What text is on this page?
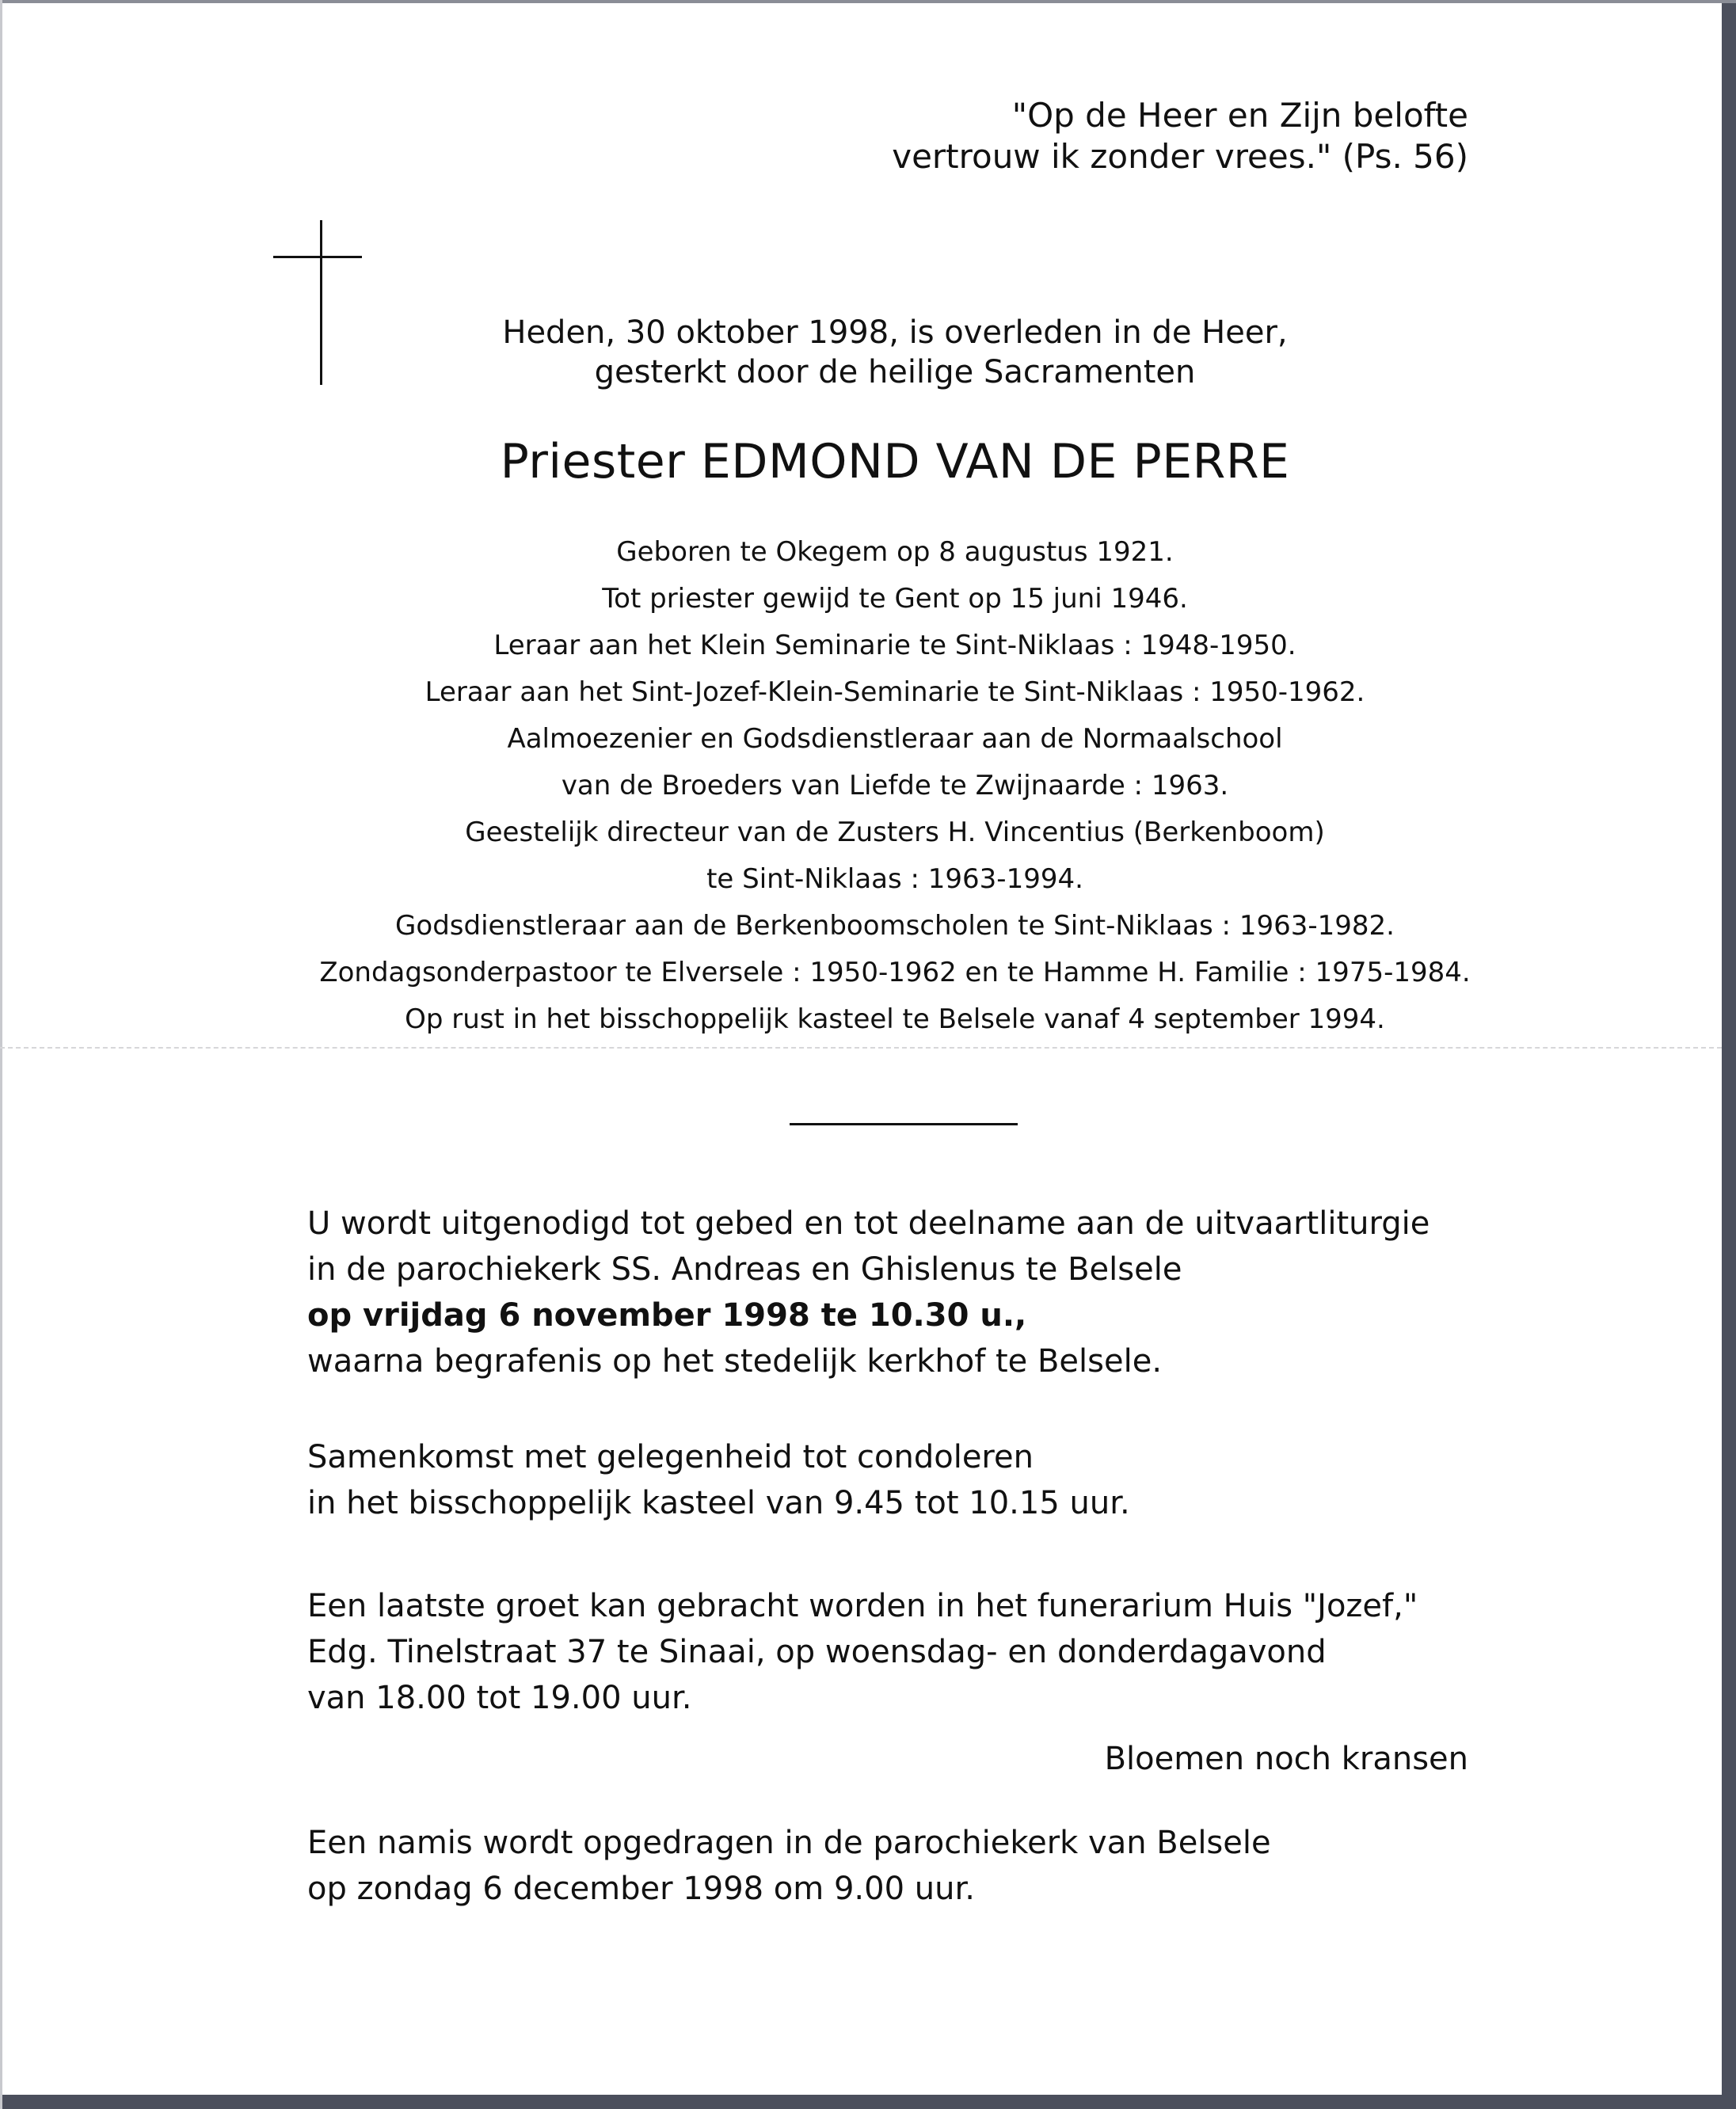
"Op de Heer en Zijn belofte
vertrouw ik zonder vrees." (Ps. 56)

Heden, 30 oktober 1998, is overleden in de Heer,
gesterkt door de heilige Sacramenten

Priester EDMOND VAN DE PERRE
Geboren te Okegem op 8 augustus 1921.
Tot priester gewijd te Gent op 15 juni 1946.
Leraar aan het Klein Seminarie te Sint-Niklaas : 1948-1950.
Leraar aan het Sint-Jozef-Klein-Seminarie te Sint-Niklaas : 1950-1962.
Aalmoezenier en Godsdienstleraar aan de Normaalschool
van de Broeders van Liefde te Zwijnaarde : 1963.
Geestelijk directeur van de Zusters H. Vincentius (Berkenboom)
te Sint-Niklaas : 1963-1994.
Godsdienstleraar aan de Berkenboomscholen te Sint-Niklaas : 1963-1982.
Zondagsonderpastoor te Elversele : 1950-1962 en te Hamme H. Familie : 1975-1984.
Op rust in het bisschoppelijk kasteel te Belsele vanaf 4 september 1994.

U wordt uitgenodigd tot gebed en tot deelname aan de uitvaartliturgie
in de parochiekerk SS. Andreas en Ghislenus te Belsele
op vrijdag 6 november 1998 te 10.30 u.,
waarna begrafenis op het stedelijk kerkhof te Belsele.

Samenkomst met gelegenheid tot condoleren
in het bisschoppelijk kasteel van 9.45 tot 10.15 uur.

Een laatste groet kan gebracht worden in het funerarium Huis "Jozef,"
Edg. Tinelstraat 37 te Sinaai, op woensdag- en donderdagavond
van 18.00 tot 19.00 uur.

Bloemen noch kransen

Een namis wordt opgedragen in de parochiekerk van Belsele
op zondag 6 december 1998 om 9.00 uur.
